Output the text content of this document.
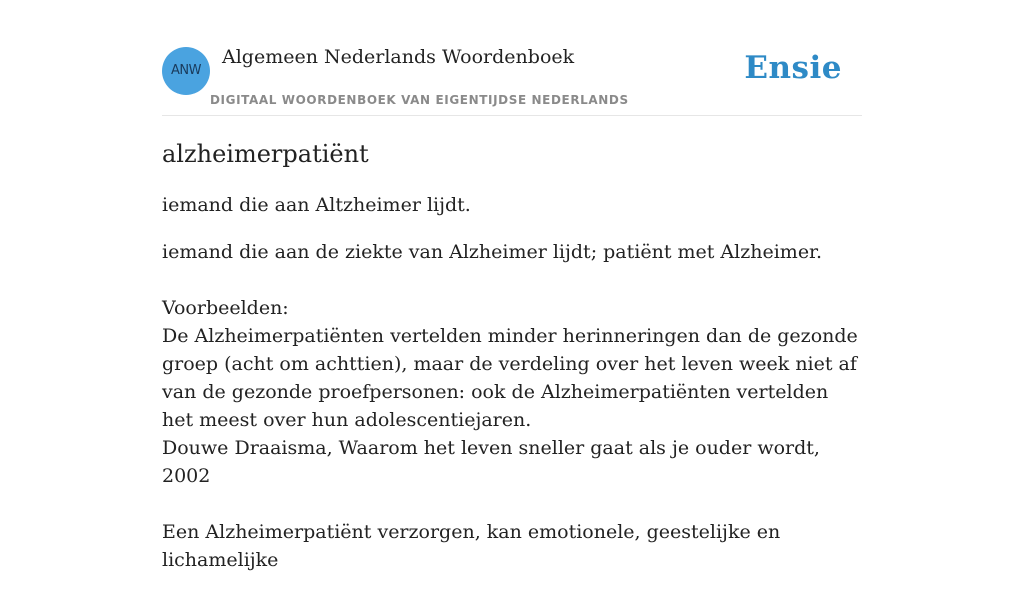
ANW
Algemeen Nederlands Woordenboek
DIGITAAL WOORDENBOEK VAN EIGENTIJDSE NEDERLANDS
Ensie
alzheimerpatiënt

iemand die aan Altzheimer lijdt.

iemand die aan de ziekte van Alzheimer lijdt; patiënt met Alzheimer.

Voorbeelden:
De Alzheimerpatiënten vertelden minder herinneringen dan de gezonde groep (acht om achttien), maar de verdeling over het leven week niet af van de gezonde proefpersonen: ook de Alzheimerpatiënten vertelden het meest over hun adolescentiejaren.
Douwe Draaisma, Waarom het leven sneller gaat als je ouder wordt, 2002
Een Alzheimerpatiënt verzorgen, kan emotionele, geestelijke en lichamelijke
